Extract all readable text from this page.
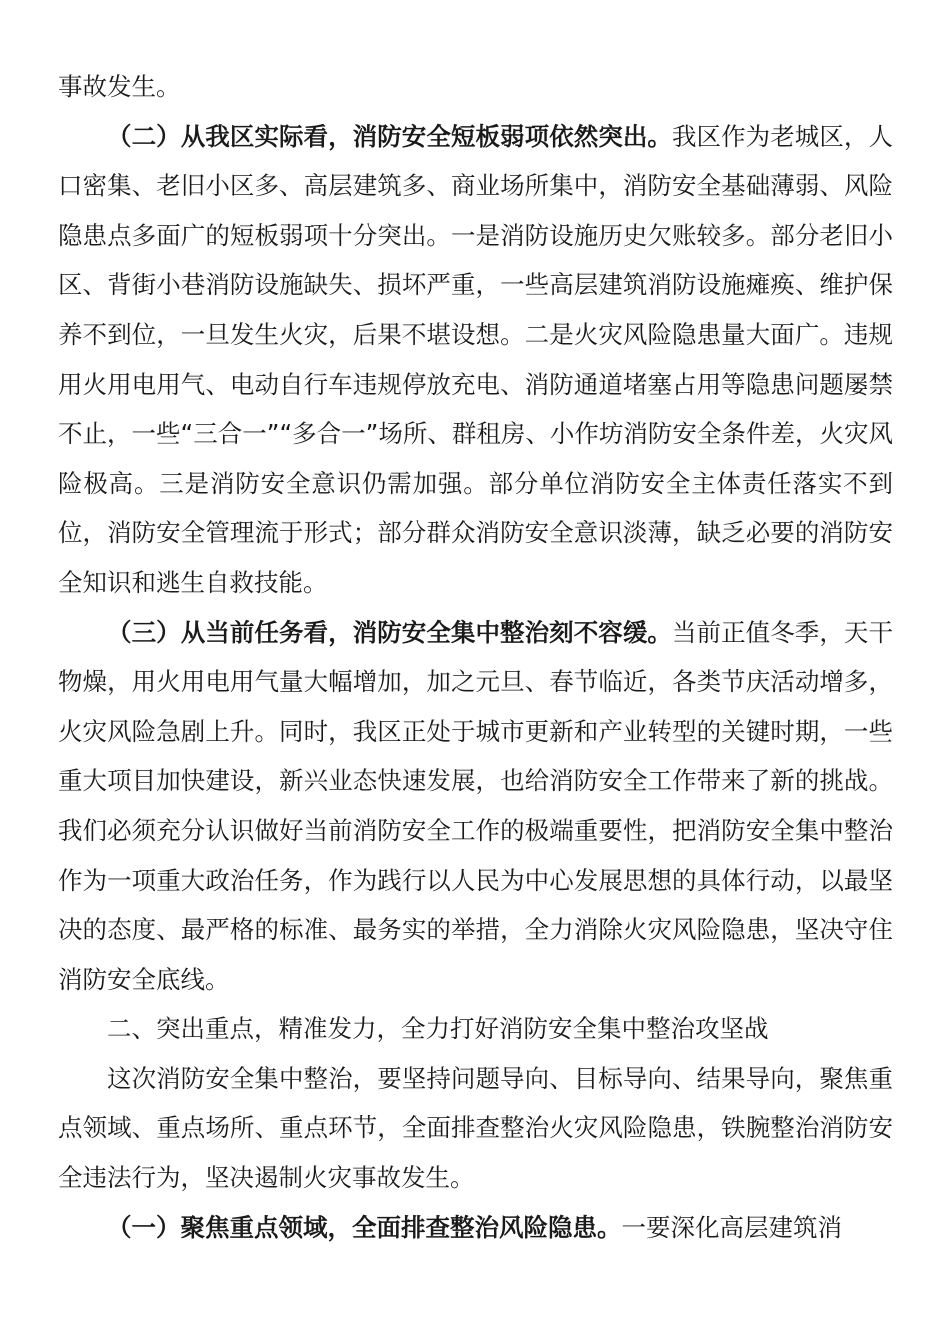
事故发生。

（二）从我区实际看，消防安全短板弱项依然突出。我区作为老城区，人口密集、老旧小区多、高层建筑多、商业场所集中，消防安全基础薄弱、风险隐患点多面广的短板弱项十分突出。一是消防设施历史欠账较多。部分老旧小区、背街小巷消防设施缺失、损坏严重，一些高层建筑消防设施瘫痪、维护保养不到位，一旦发生火灾，后果不堪设想。二是火灾风险隐患量大面广。违规用火用电用气、电动自行车违规停放充电、消防通道堵塞占用等隐患问题屡禁不止，一些“三合一”“多合一”场所、群租房、小作坊消防安全条件差，火灾风险极高。三是消防安全意识仍需加强。部分单位消防安全主体责任落实不到位，消防安全管理流于形式；部分群众消防安全意识淡薄，缺乏必要的消防安全知识和逃生自救技能。

（三）从当前任务看，消防安全集中整治刻不容缓。当前正值冬季，天干物燥，用火用电用气量大幅增加，加之元旦、春节临近，各类节庆活动增多，火灾风险急剧上升。同时，我区正处于城市更新和产业转型的关键时期，一些重大项目加快建设，新兴业态快速发展，也给消防安全工作带来了新的挑战。我们必须充分认识做好当前消防安全工作的极端重要性，把消防安全集中整治作为一项重大政治任务，作为践行以人民为中心发展思想的具体行动，以最坚决的态度、最严格的标准、最务实的举措，全力消除火灾风险隐患，坚决守住消防安全底线。

二、突出重点，精准发力，全力打好消防安全集中整治攻坚战

这次消防安全集中整治，要坚持问题导向、目标导向、结果导向，聚焦重点领域、重点场所、重点环节，全面排查整治火灾风险隐患，铁腕整治消防安全违法行为，坚决遏制火灾事故发生。

（一）聚焦重点领域，全面排查整治风险隐患。一要深化高层建筑消
